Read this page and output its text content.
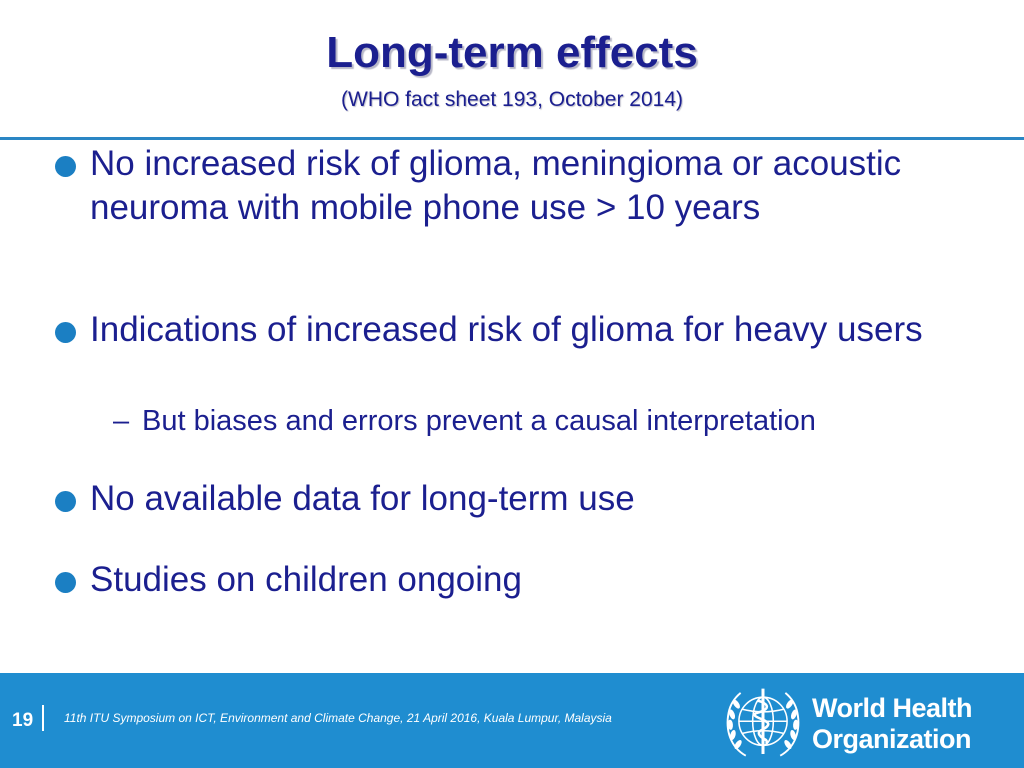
Long-term effects
(WHO fact sheet 193, October 2014)
No increased risk of glioma, meningioma or acoustic neuroma with mobile phone use > 10 years
Indications of increased risk of glioma for heavy users
– But biases and errors prevent a causal interpretation
No available data for long-term use
Studies on children ongoing
19	11th ITU Symposium on ICT, Environment and Climate Change, 21 April 2016, Kuala Lumpur, Malaysia	World Health
Organization
